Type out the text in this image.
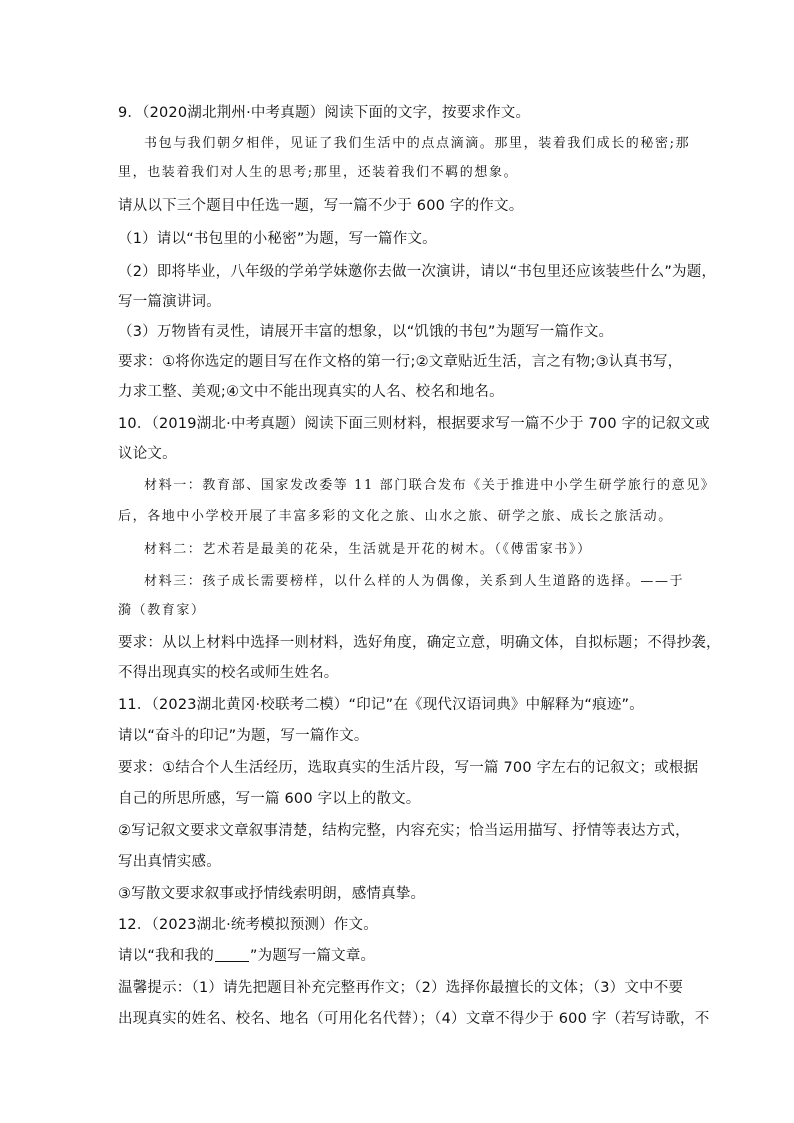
9．（2020湖北荆州·中考真题）阅读下面的文字，按要求作文。
书包与我们朝夕相伴，见证了我们生活中的点点滴滴。那里，装着我们成长的秘密;那
里，也装着我们对人生的思考;那里，还装着我们不羁的想象。
请从以下三个题目中任选一题，写一篇不少于 600 字的作文。
（1）请以“书包里的小秘密”为题，写一篇作文。
（2）即将毕业，八年级的学弟学妹邀你去做一次演讲，请以“书包里还应该装些什么”为题，
写一篇演讲词。
（3）万物皆有灵性，请展开丰富的想象，以“饥饿的书包”为题写一篇作文。
要求：①将你选定的题目写在作文格的第一行;②文章贴近生活，言之有物;③认真书写，
力求工整、美观;④文中不能出现真实的人名、校名和地名。
10．（2019湖北·中考真题）阅读下面三则材料，根据要求写一篇不少于 700 字的记叙文或
议论文。
材料一：教育部、国家发改委等 11 部门联合发布《关于推进中小学生研学旅行的意见》
后，各地中小学校开展了丰富多彩的文化之旅、山水之旅、研学之旅、成长之旅活动。
材料二：艺术若是最美的花朵，生活就是开花的树木。（《傅雷家书》）
材料三：孩子成长需要榜样，以什么样的人为偶像，关系到人生道路的选择。——于
漪（教育家）
要求：从以上材料中选择一则材料，选好角度，确定立意，明确文体，自拟标题；不得抄袭，
不得出现真实的校名或师生姓名。
11．（2023湖北黄冈·校联考二模）“印记”在《现代汉语词典》中解释为“痕迹”。
请以“奋斗的印记”为题，写一篇作文。
要求：①结合个人生活经历，选取真实的生活片段，写一篇 700 字左右的记叙文；或根据
自己的所思所感，写一篇 600 字以上的散文。
②写记叙文要求文章叙事清楚，结构完整，内容充实；恰当运用描写、抒情等表达方式，
写出真情实感。
③写散文要求叙事或抒情线索明朗，感情真挚。
12．（2023湖北·统考模拟预测）作文。
请以“我和我的 ”为题写一篇文章。
温馨提示：（1）请先把题目补充完整再作文；（2）选择你最擅长的文体；（3）文中不要
出现真实的姓名、校名、地名（可用化名代替）；（4）文章不得少于 600 字（若写诗歌，不
